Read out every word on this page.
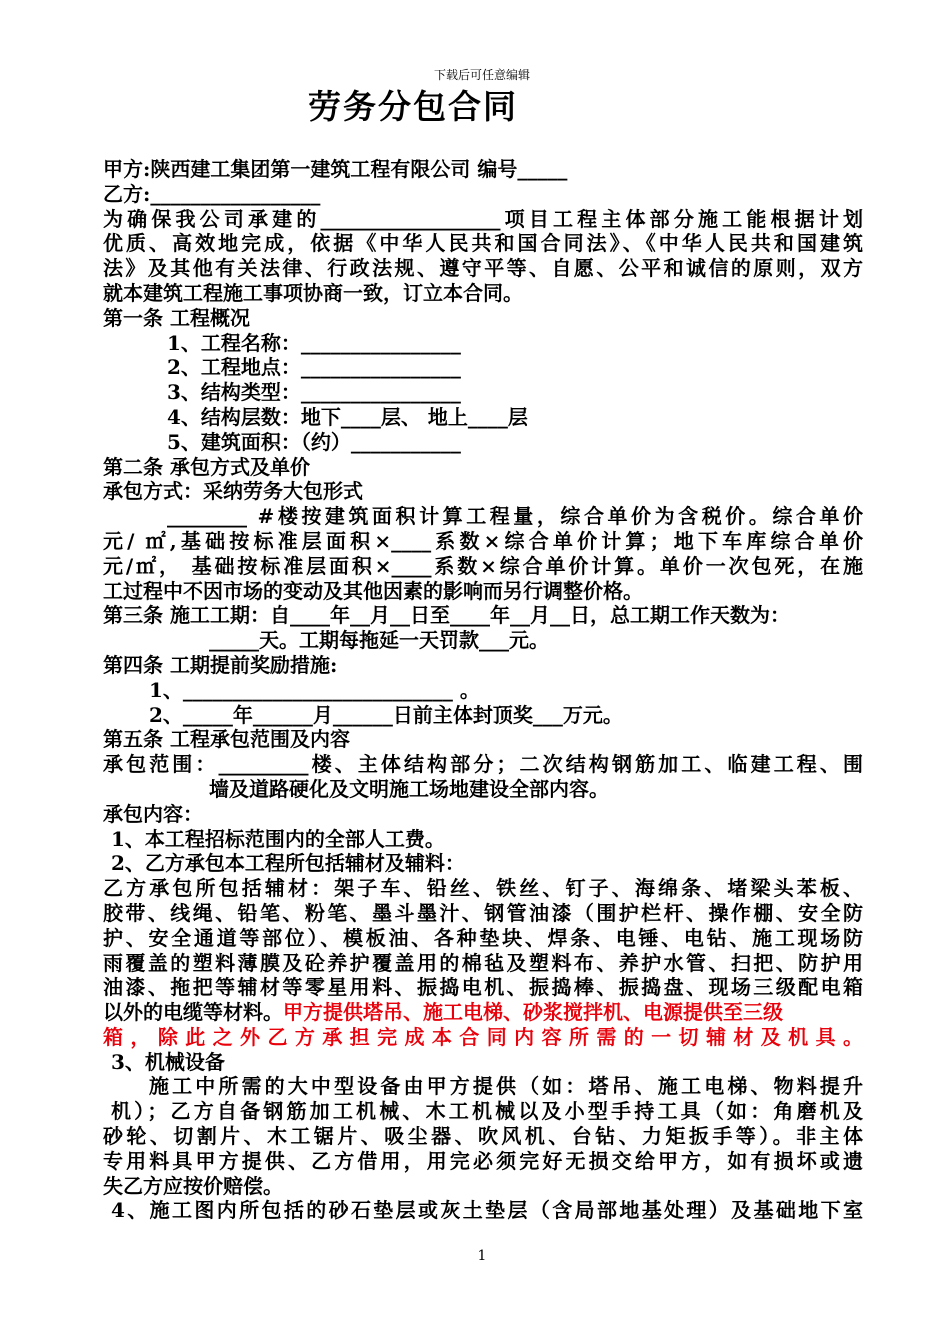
下载后可任意编辑
劳务分包合同
甲方:陕西建工集团第一建筑工程有限公司 编号_____
乙方:_________________
为确保我公司承建的__________________项目工程主体部分施工能根据计划
优质、高效地完成，依据《中华人民共和国合同法》、《中华人民共和国建筑
法》及其他有关法律、行政法规、遵守平等、自愿、公平和诚信的原则，双方
就本建筑工程施工事项协商一致，订立本合同。
第一条 工程概况
1、工程名称：________________
2、工程地点：________________
3、结构类型：________________
4、结构层数：地下____层、 地上____层
5、建筑面积：（约）___________
第二条 承包方式及单价
承包方式：采纳劳务大包形式
________ #楼按建筑面积计算工程量，综合单价为含税价。综合单价
元/ ㎡,基础按标准层面积×____系数×综合单价计算；地下车库综合单价
元/㎡， 基础按标准层面积×____系数×综合单价计算。单价一次包死，在施
工过程中不因市场的变动及其他因素的影响而另行调整价格。
第三条 施工工期：自____年__月__日至____年__月__日，总工期工作天数为：
_____天。工期每拖延一天罚款___元。
第四条 工期提前奖励措施:
1、___________________________ 。
2、_____年______月______日前主体封顶奖___万元。
第五条 工程承包范围及内容
承包范围：_________楼、主体结构部分；二次结构钢筋加工、临建工程、围
墙及道路硬化及文明施工场地建设全部内容。
承包内容：
1、本工程招标范围内的全部人工费。
2、乙方承包本工程所包括辅材及辅料：
乙方承包所包括辅材：架子车、铅丝、铁丝、钉子、海绵条、堵梁头苯板、
胶带、线绳、铅笔、粉笔、墨斗墨汁、钢管油漆（围护栏杆、操作棚、安全防
护、安全通道等部位）、模板油、各种垫块、焊条、电锤、电钻、施工现场防
雨覆盖的塑料薄膜及砼养护覆盖用的棉毡及塑料布、养护水管、扫把、防护用
油漆、拖把等辅材等零星用料、振捣电机、振捣棒、振捣盘、现场三级配电箱
以外的电缆等材料。甲方提供塔吊、施工电梯、砂浆搅拌机、电源提供至三级
箱，除此之外乙方承担完成本合同内容所需的一切辅材及机具。
3、机械设备
施工中所需的大中型设备由甲方提供（如：塔吊、施工电梯、物料提升
机）；乙方自备钢筋加工机械、木工机械以及小型手持工具（如：角磨机及
砂轮、切割片、木工锯片、吸尘器、吹风机、台钻、力矩扳手等）。非主体
专用料具甲方提供、乙方借用，用完必须完好无损交给甲方，如有损坏或遗
失乙方应按价赔偿。
4、施工图内所包括的砂石垫层或灰土垫层（含局部地基处理）及基础地下室
1
